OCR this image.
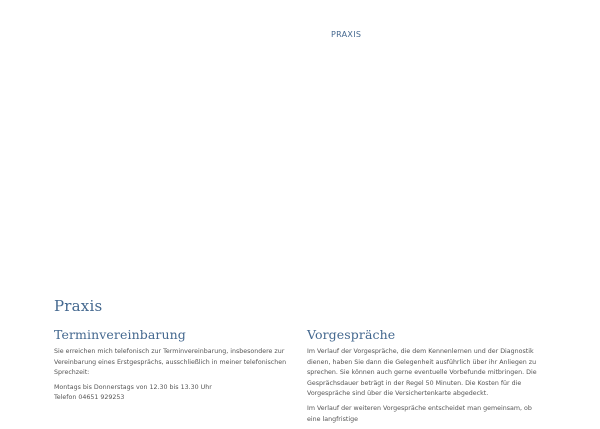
PRAXIS
Praxis
Terminvereinbarung

Sie erreichen mich telefonisch zur Terminvereinbarung, insbesondere zur Vereinbarung eines Erstgesprächs, ausschließlich in meiner telefonischen Sprechzeit:

Montags bis Donnerstags von 12.30 bis 13.30 Uhr
Telefon 04651 929253

Vorgespräche

Im Verlauf der Vorgespräche, die dem Kennenlernen und der Diagnostik dienen, haben Sie dann die Gelegenheit ausführlich über ihr Anliegen zu sprechen. Sie können auch gerne eventuelle Vorbefunde mitbringen. Die Gesprächsdauer beträgt in der Regel 50 Minuten. Die Kosten für die Vorgespräche sind über die Versichertenkarte abgedeckt.

Im Verlauf der weiteren Vorgespräche entscheidet man gemeinsam, ob eine langfristige
